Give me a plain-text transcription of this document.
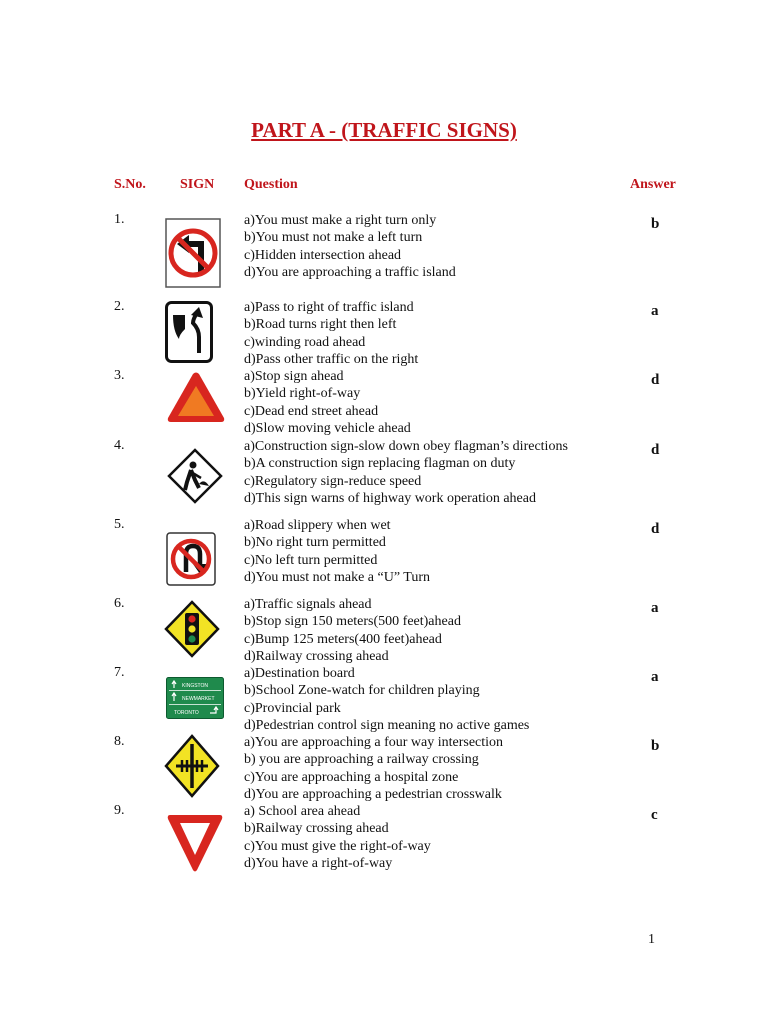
PART A - (TRAFFIC SIGNS)
S.No. SIGN Question	Answer
1.	a)You must make a right turn only
b)You must not make a left turn
c)Hidden intersection ahead
d)You are approaching a traffic island
b
2.	a)Pass to right of traffic island
b)Road turns right then left
c)winding road ahead
d)Pass other traffic on the right
a
3.	a)Stop sign ahead
b)Yield right-of-way
c)Dead end street ahead
d)Slow moving vehicle ahead
d
4.	a)Construction sign-slow down obey flagman’s directions
b)A construction sign replacing flagman on duty
c)Regulatory sign-reduce speed
d)This sign warns of highway work operation ahead
d
5.	a)Road slippery when wet
b)No right turn permitted
c)No left turn permitted
d)You must not make a “U” Turn
d
6.	a)Traffic signals ahead
b)Stop sign 150 meters(500 feet)ahead
c)Bump 125 meters(400 feet)ahead
d)Railway crossing ahead
a
7.
KINGSTON
NEWMARKET
TORONTO
a)Destination board
b)School Zone-watch for children playing
c)Provincial park
d)Pedestrian control sign meaning no active games
a
8.	a)You are approaching a four way intersection
b) you are approaching a railway crossing
c)You are approaching a hospital zone
d)You are approaching a pedestrian crosswalk
b
9.	a) School area ahead
b)Railway crossing ahead
c)You must give the right-of-way
d)You have a right-of-way
c
1
